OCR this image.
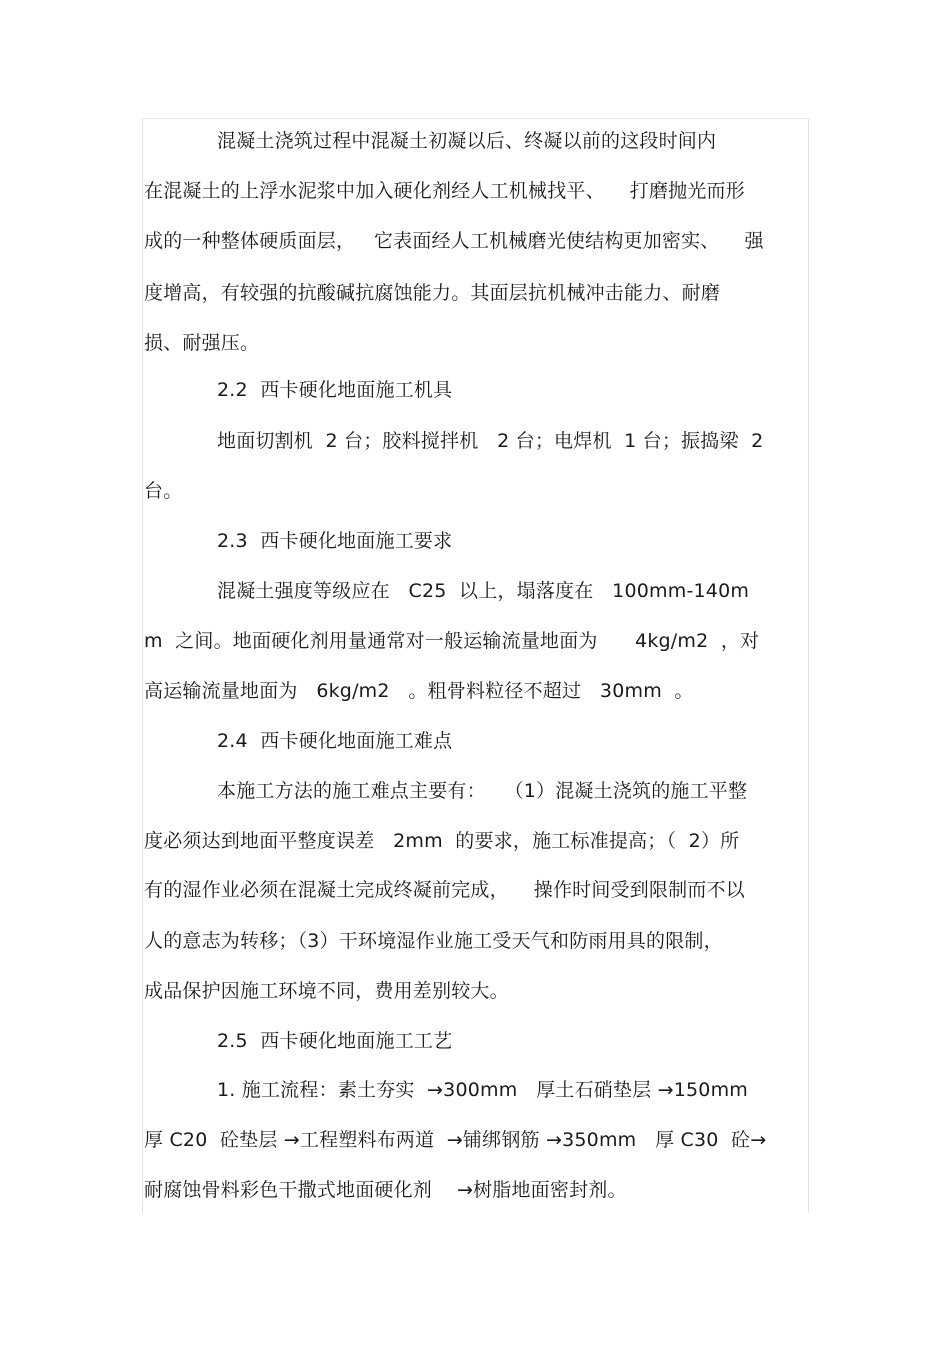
混凝土浇筑过程中混凝土初凝以后、终凝以前的这段时间内
在混凝土的上浮水泥浆中加入硬化剂经人工机械找平、    打磨抛光而形
成的一种整体硬质面层，   它表面经人工机械磨光使结构更加密实、    强
度增高，有较强的抗酸碱抗腐蚀能力。其面层抗机械冲击能力、耐磨
损、耐强压。
2.2  西卡硬化地面施工机具
地面切割机  2 台；胶料搅拌机   2 台；电焊机  1 台；振捣梁  2
台。
2.3  西卡硬化地面施工要求
混凝土强度等级应在   C25  以上，塌落度在   100mm-140m
m  之间。地面硬化剂用量通常对一般运输流量地面为      4kg/m2  ，对
高运输流量地面为   6kg/m2   。粗骨料粒径不超过   30mm  。
2.4  西卡硬化地面施工难点
本施工方法的施工难点主要有：   （1）混凝土浇筑的施工平整
度必须达到地面平整度误差   2mm  的要求，施工标准提高；（  2）所
有的湿作业必须在混凝土完成终凝前完成，    操作时间受到限制而不以
人的意志为转移；（3）干环境湿作业施工受天气和防雨用具的限制，
成品保护因施工环境不同，费用差别较大。
2.5  西卡硬化地面施工工艺
1. 施工流程：素土夯实  →300mm   厚土石硝垫层 →150mm
厚 C20  砼垫层 →工程塑料布两道  →铺绑钢筋 →350mm   厚 C30  砼→
耐腐蚀骨料彩色干撒式地面硬化剂    →树脂地面密封剂。
